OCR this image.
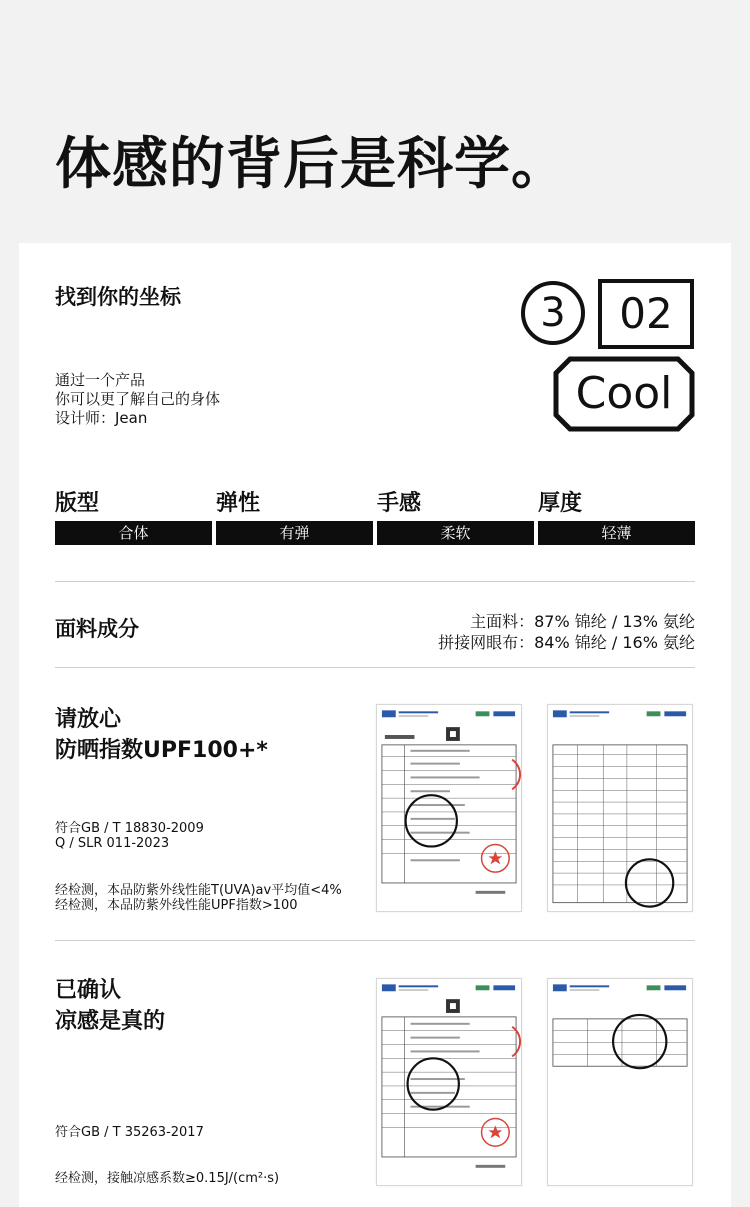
体感的背后是科学。
找到你的坐标
通过一个产品
你可以更了解自己的身体
设计师：Jean
3 02
Cool
版型
合体
弹性
有弹
手感
柔软
厚度
轻薄
面料成分	主面料：87% 锦纶 / 13% 氨纶
拼接网眼布：84% 锦纶 / 16% 氨纶
请放心
防晒指数UPF100+*
符合GB / T 18830-2009
Q / SLR 011-2023
经检测，本品防紫外线性能T(UVA)av平均值<4%
经检测，本品防紫外线性能UPF指数>100
已确认
凉感是真的
符合GB / T 35263-2017
经检测，接触凉感系数≥0.15J/(cm²·s)
